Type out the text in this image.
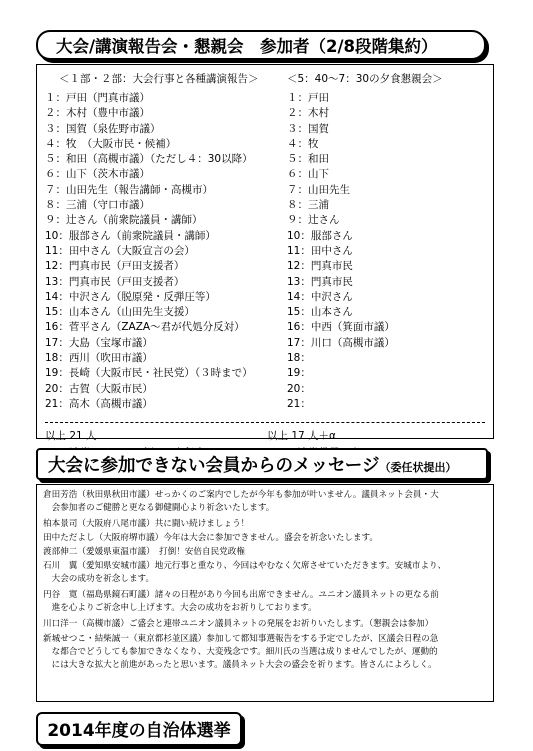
大会/講演報告会・懇親会　参加者（2/8段階集約）
＜１部・２部：大会行事と各種講演報告＞	＜5：40〜7：30の夕食懇親会＞
１：戸田（門真市議）
２：木村（豊中市議）
３：国賀（泉佐野市議）
４：牧　（大阪市民・候補）
５：和田（高槻市議）（ただし４：30以降）
６：山下（茨木市議）
７：山田先生（報告講師・高槻市）
８：三浦（守口市議）
９：辻さん（前衆院議員・講師）
10：服部さん（前衆院議員・講師）
11：田中さん（大阪宣言の会）
12：門真市民（戸田支援者）
13：門真市民（戸田支援者）
14：中沢さん（脱原発・反弾圧等）
15：山本さん（山田先生支援）
16：菅平さん（ZAZA〜君が代処分反対）
17：大島（宝塚市議）
18：西川（吹田市議）
19：長崎（大阪市民・社民党）（３時まで）
20：古賀（大阪市民）
21：高木（高槻市議）
１：戸田
２：木村
３：国賀
４：牧
５：和田
６：山下
７：山田先生
８：三浦
９：辻さん
10：服部さん
11：田中さん
12：門真市民
13：門真市民
14：中沢さん
15：山本さん
16：中西（箕面市議）
17：川口（高槻市議）
18：
19：
20：
21：
以上 21 人	以上 17 人＋α
大会に参加できない会員からのメッセージ（委任状提出）
倉田芳浩（秋田県秋田市議）せっかくのご案内でしたが今年も参加が叶いません。議員ネット会員・大
　会参加者のご健勝と更なる御健闘心より祈念いたします。
柏本景司（大阪府八尾市議）共に闘い続けましょう！
田中ただよし（大阪府堺市議）今年は大会に参加できません。盛会を祈念いたします。
渡部伸二（愛媛県東温市議）　打倒！安倍自民党政権
石川　翼（愛知県安城市議）地元行事と重なり、今回はやむなく欠席させていただきます。安城市より、
　大会の成功を祈念します。
円谷　寛（福島県鏡石町議）諸々の日程があり今回も出席できません。ユニオン議員ネットの更なる前
　進を心よりご祈念申し上げます。大会の成功をお祈りしております。
川口洋一（高槻市議）ご盛会と連帯ユニオン議員ネットの発展をお祈りいたします。（懇親会は参加）
新城せつこ・結柴誠一（東京都杉並区議）参加して都知事選報告をする予定でしたが、区議会日程の急
　な都合でどうしても参加できなくなり、大変残念です。細川氏の当選は成りませんでしたが、運動的
　には大きな拡大と前進があったと思います。議員ネット大会の盛会を祈ります。皆さんによろしく。
2014年度の自治体選挙
